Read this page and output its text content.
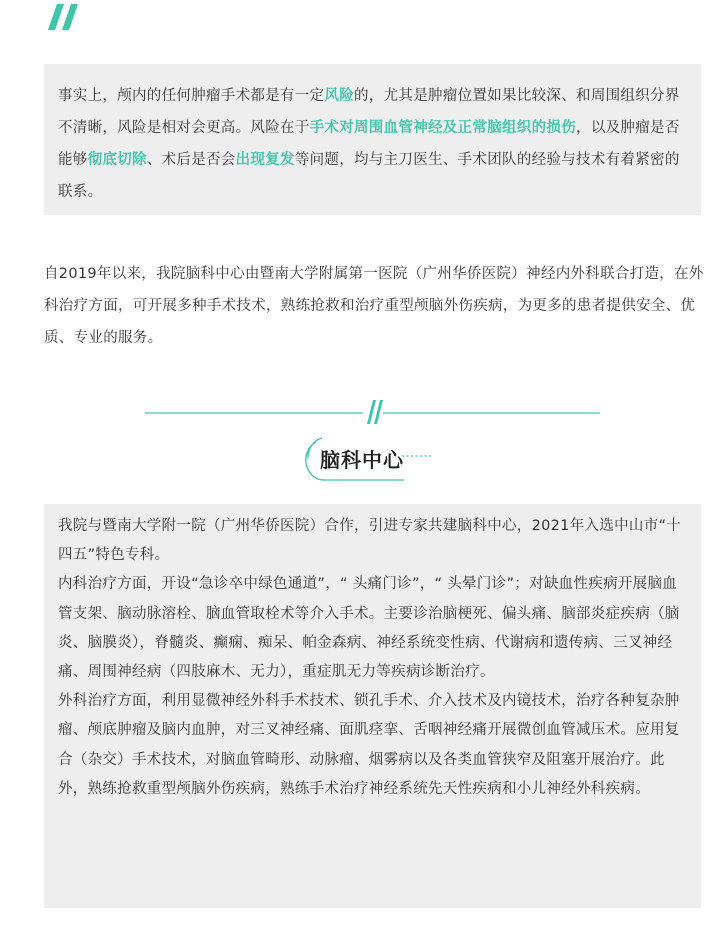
事实上，颅内的任何肿瘤手术都是有一定风险的，尤其是肿瘤位置如果比较深、和周围组织分界不清晰，风险是相对会更高。风险在于手术对周围血管神经及正常脑组织的损伤，以及肿瘤是否能够彻底切除、术后是否会出现复发等问题，均与主刀医生、手术团队的经验与技术有着紧密的联系。

自2019年以来，我院脑科中心由暨南大学附属第一医院（广州华侨医院）神经内外科联合打造，在外科治疗方面，可开展多种手术技术，熟练抢救和治疗重型颅脑外伤疾病，为更多的患者提供安全、优质、专业的服务。

脑科中心

我院与暨南大学附一院（广州华侨医院）合作，引进专家共建脑科中心，2021年入选中山市“十四五”特色专科。

内科治疗方面，开设“急诊卒中绿色通道”，“ 头痛门诊”，“ 头晕门诊”；对缺血性疾病开展脑血管支架、脑动脉溶栓、脑血管取栓术等介入手术。主要诊治脑梗死、偏头痛、脑部炎症疾病（脑炎、脑膜炎），脊髓炎、癫痫、痴呆、帕金森病、神经系统变性病、代谢病和遗传病、三叉神经痛、周围神经病（四肢麻木、无力），重症肌无力等疾病诊断治疗。

外科治疗方面，利用显微神经外科手术技术、锁孔手术、介入技术及内镜技术，治疗各种复杂肿瘤、颅底肿瘤及脑内血肿，对三叉神经痛、面肌痉挛、舌咽神经痛开展微创血管减压术。应用复合（杂交）手术技术，对脑血管畸形、动脉瘤、烟雾病以及各类血管狭窄及阻塞开展治疗。此外，熟练抢救重型颅脑外伤疾病，熟练手术治疗神经系统先天性疾病和小儿神经外科疾病。
